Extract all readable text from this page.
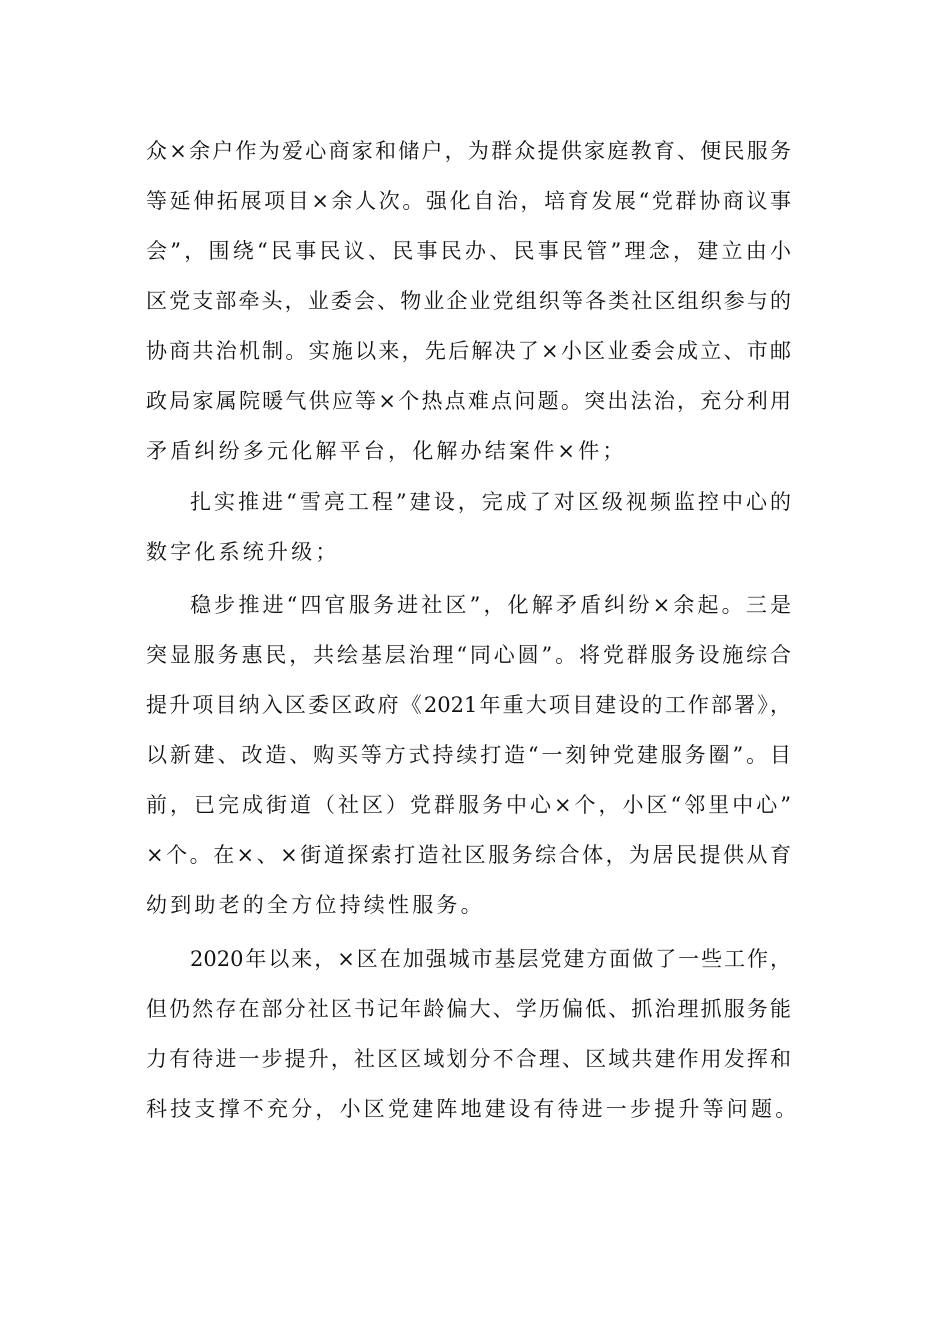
众×余户作为爱心商家和储户，为群众提供家庭教育、便民服务
等延伸拓展项目×余人次。强化自治，培育发展“党群协商议事
会”，围绕“民事民议、民事民办、民事民管”理念，建立由小
区党支部牵头，业委会、物业企业党组织等各类社区组织参与的
协商共治机制。实施以来，先后解决了×小区业委会成立、市邮
政局家属院暖气供应等×个热点难点问题。突出法治，充分利用
矛盾纠纷多元化解平台，化解办结案件×件；
扎实推进“雪亮工程”建设，完成了对区级视频监控中心的
数字化系统升级；
稳步推进“四官服务进社区”，化解矛盾纠纷×余起。三是
突显服务惠民，共绘基层治理“同心圆”。将党群服务设施综合
提升项目纳入区委区政府《2021年重大项目建设的工作部署》，
以新建、改造、购买等方式持续打造“一刻钟党建服务圈”。目
前，已完成街道（社区）党群服务中心×个，小区“邻里中心”
×个。在×、×街道探索打造社区服务综合体，为居民提供从育
幼到助老的全方位持续性服务。
2020年以来，×区在加强城市基层党建方面做了一些工作，
但仍然存在部分社区书记年龄偏大、学历偏低、抓治理抓服务能
力有待进一步提升，社区区域划分不合理、区域共建作用发挥和
科技支撑不充分，小区党建阵地建设有待进一步提升等问题。
